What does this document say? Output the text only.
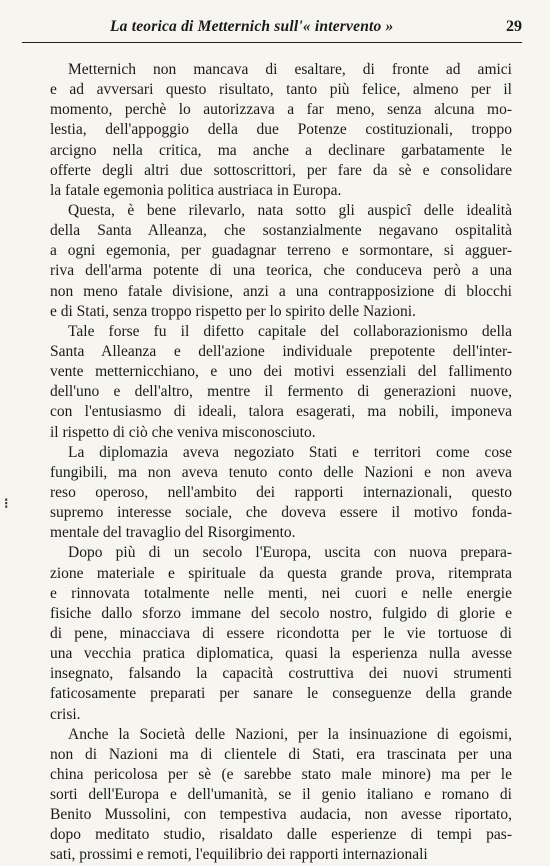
La teorica di Metternich sull'« intervento »	29
⁝
Metternich non mancava di esaltare, di fronte ad amici
e ad avversari questo risultato, tanto più felice, almeno per il
momento, perchè lo autorizzava a far meno, senza alcuna mo-
lestia, dell'appoggio della due Potenze costituzionali, troppo
arcigno nella critica, ma anche a declinare garbatamente le
offerte degli altri due sottoscrittori, per fare da sè e consolidare
la fatale egemonia politica austriaca in Europa.
Questa, è bene rilevarlo, nata sotto gli auspicî delle idealità
della Santa Alleanza, che sostanzialmente negavano ospitalità
a ogni egemonia, per guadagnar terreno e sormontare, si agguer-
riva dell'arma potente di una teorica, che conduceva però a una
non meno fatale divisione, anzi a una contrapposizione di blocchi
e di Stati, senza troppo rispetto per lo spirito delle Nazioni.
Tale forse fu il difetto capitale del collaborazionismo della
Santa Alleanza e dell'azione individuale prepotente dell'inter-
vente metternicchiano, e uno dei motivi essenziali del fallimento
dell'uno e dell'altro, mentre il fermento di generazioni nuove,
con l'entusiasmo di ideali, talora esagerati, ma nobili, imponeva
il rispetto di ciò che veniva misconosciuto.
La diplomazia aveva negoziato Stati e territori come cose
fungibili, ma non aveva tenuto conto delle Nazioni e non aveva
reso operoso, nell'ambito dei rapporti internazionali, questo
supremo interesse sociale, che doveva essere il motivo fonda-
mentale del travaglio del Risorgimento.
Dopo più di un secolo l'Europa, uscita con nuova prepara-
zione materiale e spirituale da questa grande prova, ritemprata
e rinnovata totalmente nelle menti, nei cuori e nelle energie
fisiche dallo sforzo immane del secolo nostro, fulgido di glorie e
di pene, minacciava di essere ricondotta per le vie tortuose di
una vecchia pratica diplomatica, quasi la esperienza nulla avesse
insegnato, falsando la capacità costruttiva dei nuovi strumenti
faticosamente preparati per sanare le conseguenze della grande
crisi.
Anche la Società delle Nazioni, per la insinuazione di egoismi,
non di Nazioni ma di clientele di Stati, era trascinata per una
china pericolosa per sè (e sarebbe stato male minore) ma per le
sorti dell'Europa e dell'umanità, se il genio italiano e romano di
Benito Mussolini, con tempestiva audacia, non avesse riportato,
dopo meditato studio, risaldato dalle esperienze di tempi pas-
sati, prossimi e remoti, l'equilibrio dei rapporti internazionali
